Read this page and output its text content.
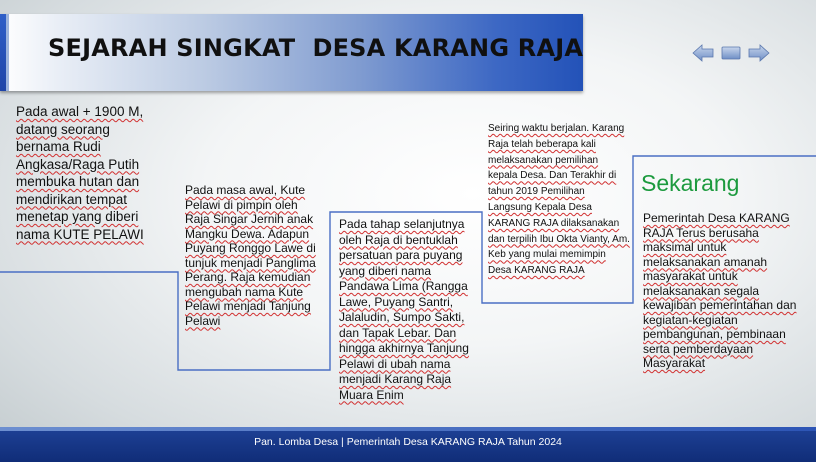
SEJARAH SINGKAT  DESA KARANG RAJA
Pada awal + 1900 M, datang seorang bernama Rudi Angkasa/Raga Putih membuka hutan dan mendirikan tempat menetap yang diberi nama KUTE PELAWI
Pada masa awal, Kute Pelawi di pimpin oleh Raja Singar Jernih anak Mangku Dewa. Adapun Puyang Ronggo Lawe di tunjuk menjadi Panglima Perang. Raja kemudian mengubah nama Kute Pelawi menjadi Tanjung Pelawi
Pada tahap selanjutnya oleh Raja di bentuklah persatuan para puyang yang diberi nama Pandawa Lima (Rangga Lawe, Puyang Santri, Jalaludin, Sumpo Sakti, dan Tapak Lebar. Dan hingga akhirnya Tanjung Pelawi di ubah nama menjadi Karang Raja Muara Enim
Seiring waktu berjalan. Karang Raja telah beberapa kali melaksanakan pemilihan kepala Desa. Dan Terakhir di tahun 2019 Pemilihan Langsung Kepala Desa KARANG RAJA dilaksanakan dan terpilih Ibu Okta Vianty, Am. Keb yang mulai memimpin Desa KARANG RAJA
Sekarang
Pemerintah Desa KARANG RAJA Terus berusaha maksimal untuk melaksanakan amanah masyarakat untuk melaksanakan segala kewajiban pemerintahan dan kegiatan-kegiatan pembangunan, pembinaan serta pemberdayaan Masyarakat
Pan. Lomba Desa | Pemerintah Desa KARANG RAJA Tahun 2024
